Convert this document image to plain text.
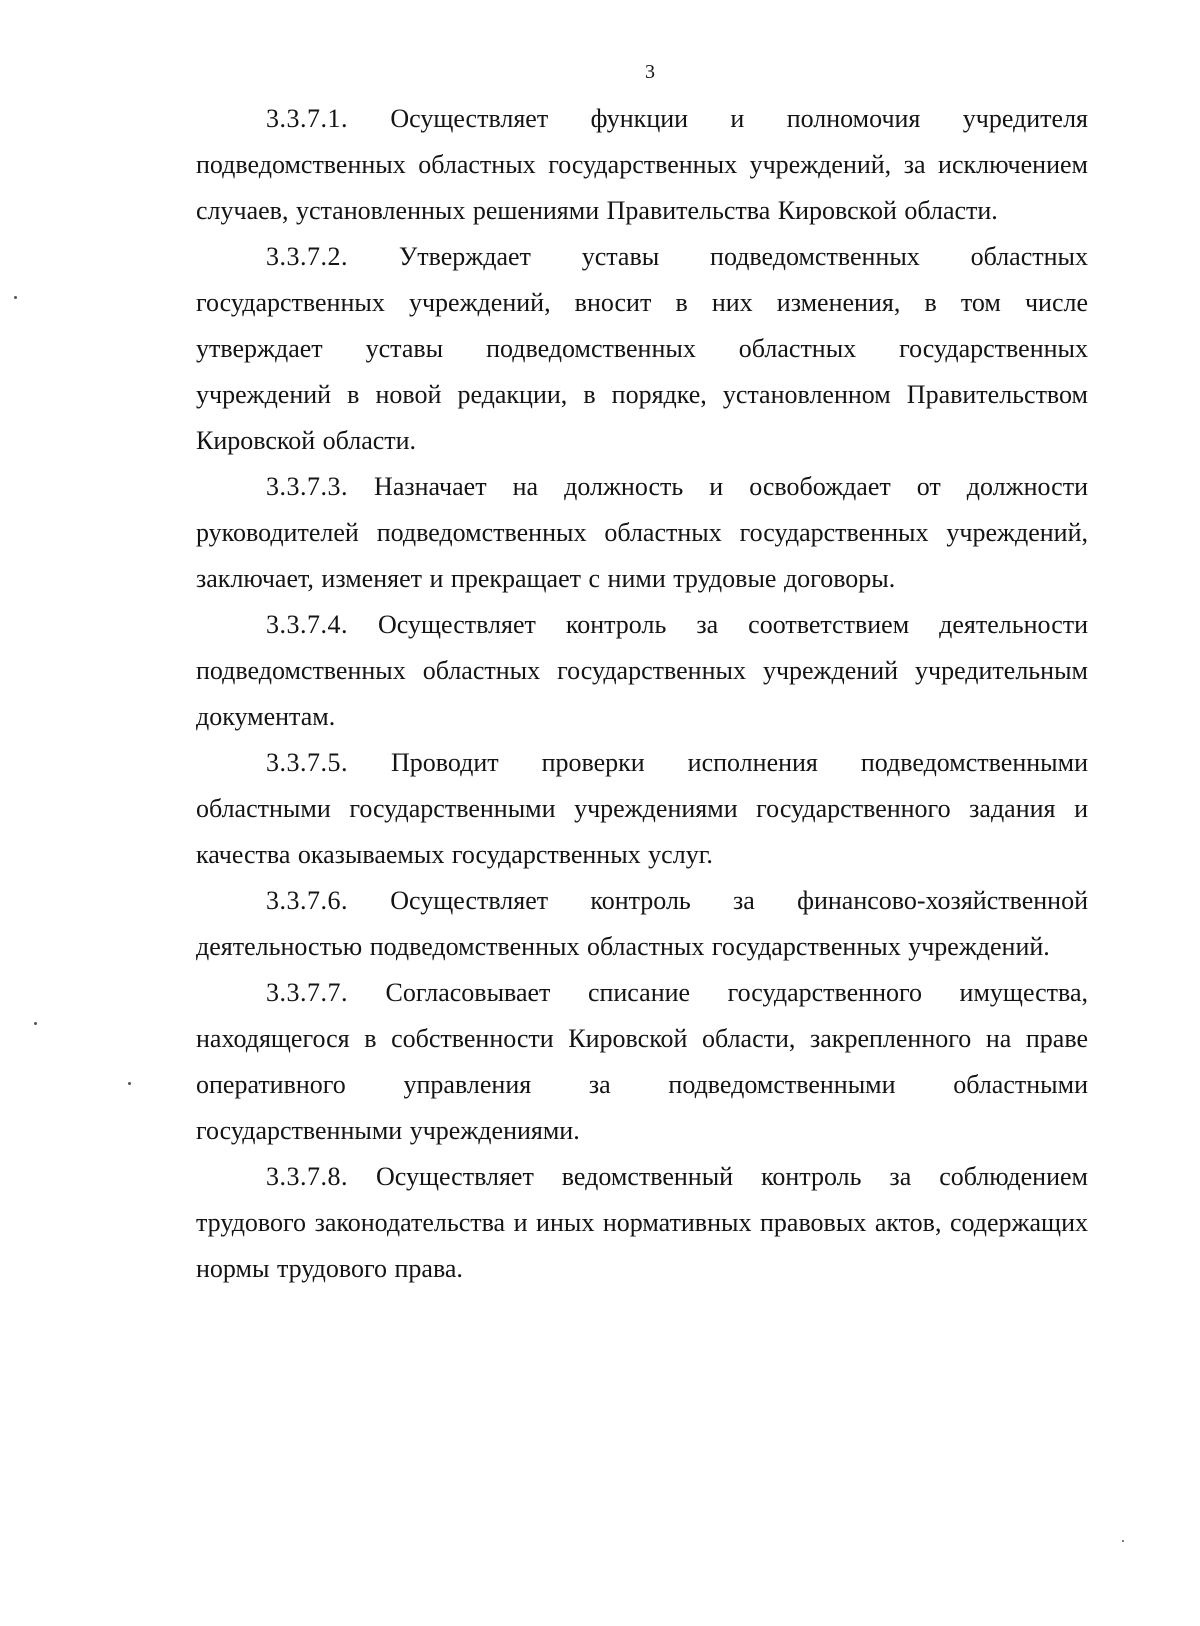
3

3.3.7.1. Осуществляет функции и полномочия учредителя подведомственных областных государственных учреждений, за исключением случаев, установленных решениями Правительства Кировской области.

3.3.7.2. Утверждает уставы подведомственных областных государственных учреждений, вносит в них изменения, в том числе утверждает уставы подведомственных областных государственных учреждений в новой редакции, в порядке, установленном Правительством Кировской области.

3.3.7.3. Назначает на должность и освобождает от должности руководителей подведомственных областных государственных учреждений, заключает, изменяет и прекращает с ними трудовые договоры.

3.3.7.4. Осуществляет контроль за соответствием деятельности подведомственных областных государственных учреждений учредительным документам.

3.3.7.5. Проводит проверки исполнения подведомственными областными государственными учреждениями государственного задания и качества оказываемых государственных услуг.

3.3.7.6. Осуществляет контроль за финансово-хозяйственной деятельностью подведомственных областных государственных учреждений.

3.3.7.7. Согласовывает списание государственного имущества, находящегося в собственности Кировской области, закрепленного на праве оперативного управления за подведомственными областными государственными учреждениями.

3.3.7.8. Осуществляет ведомственный контроль за соблюдением трудового законодательства и иных нормативных правовых актов, содержащих нормы трудового права.
